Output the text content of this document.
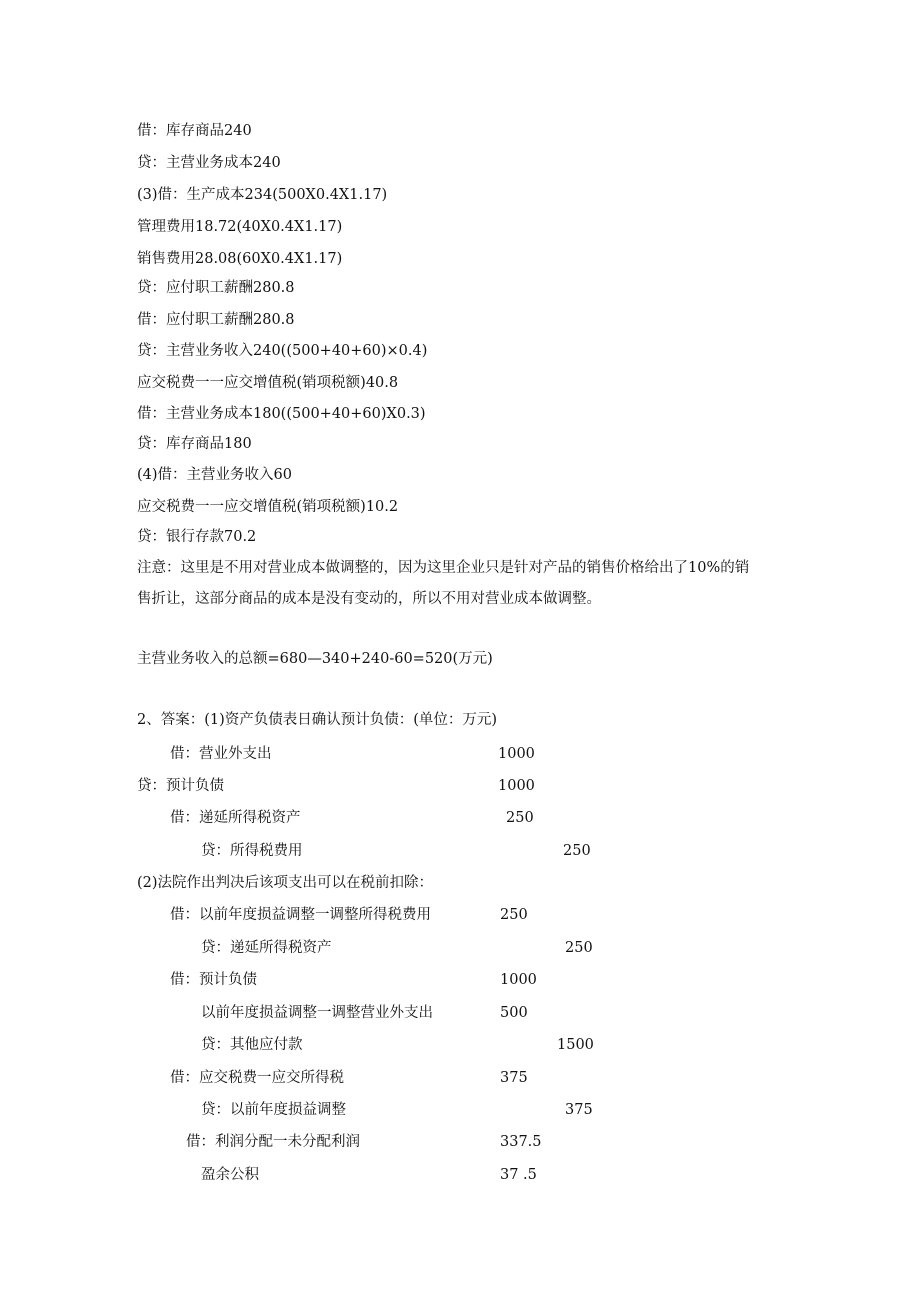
借：库存商品240
贷：主营业务成本240
(3)借：生产成本234(500X0.4X1.17)
管理费用18.72(40X0.4X1.17)
销售费用28.08(60X0.4X1.17)
贷：应付职工薪酬280.8
借：应付职工薪酬280.8
贷：主营业务收入240((500+40+60)×0.4)
应交税费一一应交增值税(销项税额)40.8
借：主营业务成本180((500+40+60)X0.3)
贷：库存商品180
(4)借：主营业务收入60
应交税费一一应交增值税(销项税额)10.2
贷：银行存款70.2
注意：这里是不用对营业成本做调整的，因为这里企业只是针对产品的销售价格给出了10%的销
售折让，这部分商品的成本是没有变动的，所以不用对营业成本做调整。
主营业务收入的总额=680—340+240-60=520(万元)
2、答案：(1)资产负债表日确认预计负债：(单位：万元)
借：营业外支出	1000
贷：预计负债	1000
借：递延所得税资产	250
贷：所得税费用	250
(2)法院作出判决后该项支出可以在税前扣除：
借：以前年度损益调整一调整所得税费用	250
贷：递延所得税资产	250
借：预计负债	1000
以前年度损益调整一调整营业外支出	500
贷：其他应付款	1500
借：应交税费一应交所得税	375
贷：以前年度损益调整	375
借：利润分配一未分配利润	337.5
盈余公积	37 .5
